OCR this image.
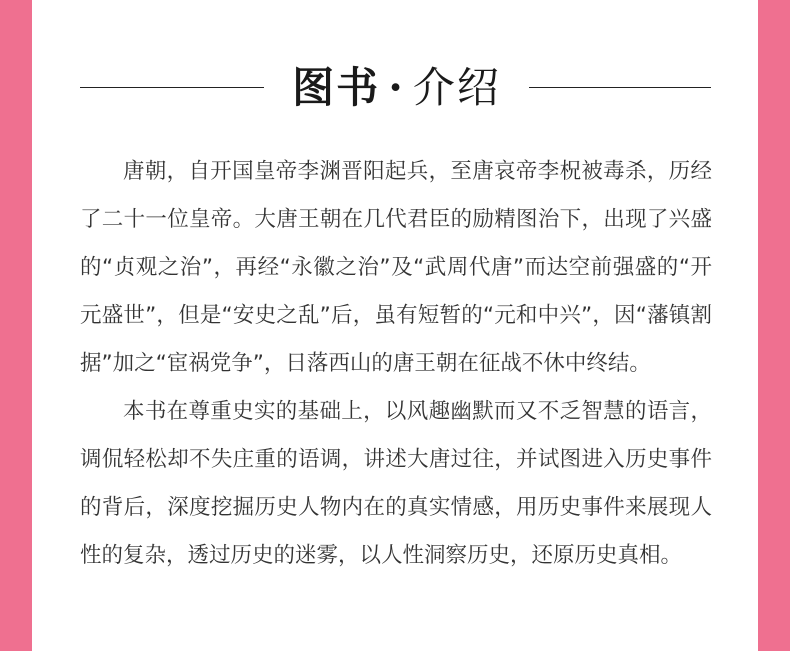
图书 · 介绍

唐朝，自开国皇帝李渊晋阳起兵，至唐哀帝李柷被毒杀，历经了二十一位皇帝。大唐王朝在几代君臣的励精图治下，出现了兴盛的“贞观之治”，再经“永徽之治”及“武周代唐”而达空前强盛的“开元盛世”，但是“安史之乱”后，虽有短暂的“元和中兴”，因“藩镇割据”加之“宦祸党争”，日落西山的唐王朝在征战不休中终结。

本书在尊重史实的基础上，以风趣幽默而又不乏智慧的语言，调侃轻松却不失庄重的语调，讲述大唐过往，并试图进入历史事件的背后，深度挖掘历史人物内在的真实情感，用历史事件来展现人性的复杂，透过历史的迷雾，以人性洞察历史，还原历史真相。
